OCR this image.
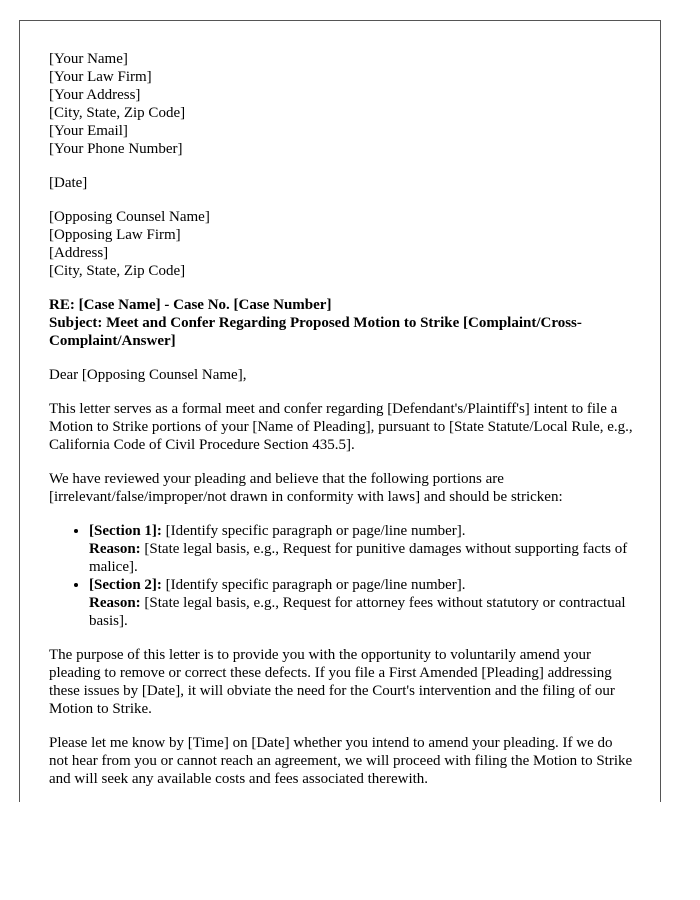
[Your Name]
[Your Law Firm]
[Your Address]
[City, State, Zip Code]
[Your Email]
[Your Phone Number]
[Date]
[Opposing Counsel Name]
[Opposing Law Firm]
[Address]
[City, State, Zip Code]
RE: [Case Name] - Case No. [Case Number]
Subject: Meet and Confer Regarding Proposed Motion to Strike [Complaint/Cross-Complaint/Answer]

Dear [Opposing Counsel Name],

This letter serves as a formal meet and confer regarding [Defendant's/Plaintiff's] intent to file a Motion to Strike portions of your [Name of Pleading], pursuant to [State Statute/Local Rule, e.g., California Code of Civil Procedure Section 435.5].

We have reviewed your pleading and believe that the following portions are [irrelevant/false/improper/not drawn in conformity with laws] and should be stricken:

• [Section 1]: [Identify specific paragraph or page/line number].
Reason: [State legal basis, e.g., Request for punitive damages without supporting facts of malice].
• [Section 2]: [Identify specific paragraph or page/line number].
Reason: [State legal basis, e.g., Request for attorney fees without statutory or contractual basis].

The purpose of this letter is to provide you with the opportunity to voluntarily amend your pleading to remove or correct these defects. If you file a First Amended [Pleading] addressing these issues by [Date], it will obviate the need for the Court's intervention and the filing of our Motion to Strike.

Please let me know by [Time] on [Date] whether you intend to amend your pleading. If we do not hear from you or cannot reach an agreement, we will proceed with filing the Motion to Strike and will seek any available costs and fees associated therewith.
